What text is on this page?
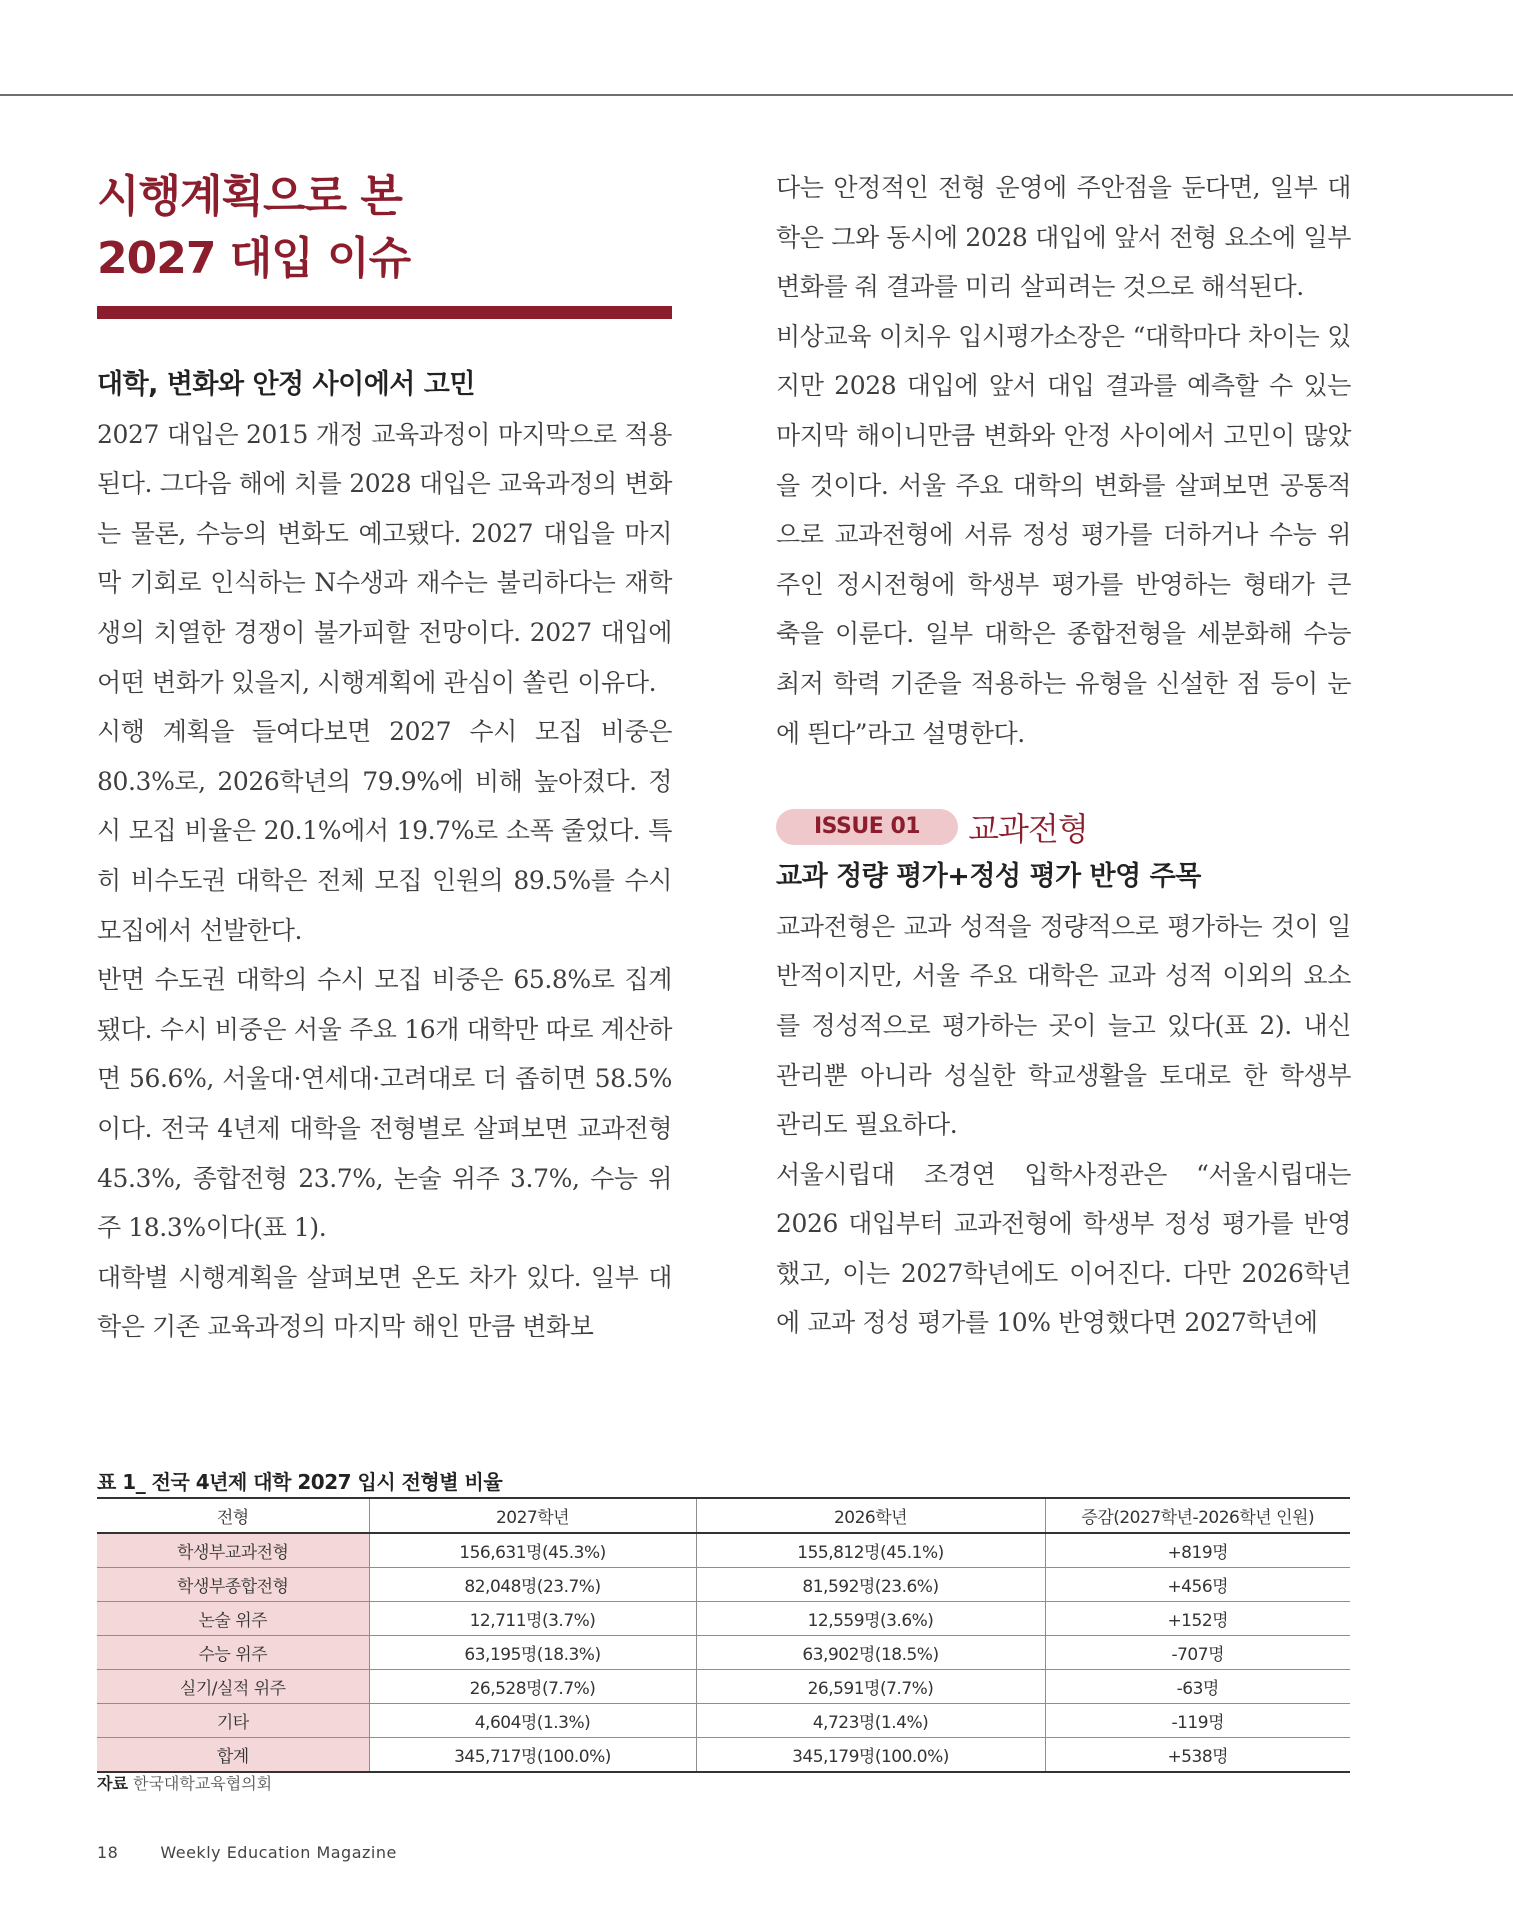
시행계획으로 본
2027 대입 이슈
대학, 변화와 안정 사이에서 고민

2027 대입은 2015 개정 교육과정이 마지막으로 적용된다. 그다음 해에 치를 2028 대입은 교육과정의 변화는 물론, 수능의 변화도 예고됐다. 2027 대입을 마지막 기회로 인식하는 N수생과 재수는 불리하다는 재학생의 치열한 경쟁이 불가피할 전망이다. 2027 대입에 어떤 변화가 있을지, 시행계획에 관심이 쏠린 이유다.

시행 계획을 들여다보면 2027 수시 모집 비중은 80.3%로, 2026학년의 79.9%에 비해 높아졌다. 정시 모집 비율은 20.1%에서 19.7%로 소폭 줄었다. 특히 비수도권 대학은 전체 모집 인원의 89.5%를 수시 모집에서 선발한다.

반면 수도권 대학의 수시 모집 비중은 65.8%로 집계됐다. 수시 비중은 서울 주요 16개 대학만 따로 계산하면 56.6%, 서울대·연세대·고려대로 더 좁히면 58.5%이다. 전국 4년제 대학을 전형별로 살펴보면 교과전형 45.3%, 종합전형 23.7%, 논술 위주 3.7%, 수능 위주 18.3%이다(표 1).

대학별 시행계획을 살펴보면 온도 차가 있다. 일부 대학은 기존 교육과정의 마지막 해인 만큼 변화보

다는 안정적인 전형 운영에 주안점을 둔다면, 일부 대학은 그와 동시에 2028 대입에 앞서 전형 요소에 일부 변화를 줘 결과를 미리 살피려는 것으로 해석된다.

비상교육 이치우 입시평가소장은 “대학마다 차이는 있지만 2028 대입에 앞서 대입 결과를 예측할 수 있는 마지막 해이니만큼 변화와 안정 사이에서 고민이 많았을 것이다. 서울 주요 대학의 변화를 살펴보면 공통적으로 교과전형에 서류 정성 평가를 더하거나 수능 위주인 정시전형에 학생부 평가를 반영하는 형태가 큰 축을 이룬다. 일부 대학은 종합전형을 세분화해 수능 최저 학력 기준을 적용하는 유형을 신설한 점 등이 눈에 띈다”라고 설명한다.

ISSUE 01	교과전형
교과 정량 평가+정성 평가 반영 주목

교과전형은 교과 성적을 정량적으로 평가하는 것이 일반적이지만, 서울 주요 대학은 교과 성적 이외의 요소를 정성적으로 평가하는 곳이 늘고 있다(표 2). 내신 관리뿐 아니라 성실한 학교생활을 토대로 한 학생부 관리도 필요하다.

서울시립대 조경연 입학사정관은 “서울시립대는 2026 대입부터 교과전형에 학생부 정성 평가를 반영했고, 이는 2027학년에도 이어진다. 다만 2026학년에 교과 정성 평가를 10% 반영했다면 2027학년에

표 1_ 전국 4년제 대학 2027 입시 전형별 비율

전형	2027학년	2026학년	증감(2027학년-2026학년 인원)
학생부교과전형	156,631명(45.3%)	155,812명(45.1%)	+819명
학생부종합전형	82,048명(23.7%)	81,592명(23.6%)	+456명
논술 위주	12,711명(3.7%)	12,559명(3.6%)	+152명
수능 위주	63,195명(18.3%)	63,902명(18.5%)	-707명
실기/실적 위주	26,528명(7.7%)	26,591명(7.7%)	-63명
기타	4,604명(1.3%)	4,723명(1.4%)	-119명
합계	345,717명(100.0%)	345,179명(100.0%)	+538명

자료 한국대학교육협의회

18	Weekly Education Magazine
